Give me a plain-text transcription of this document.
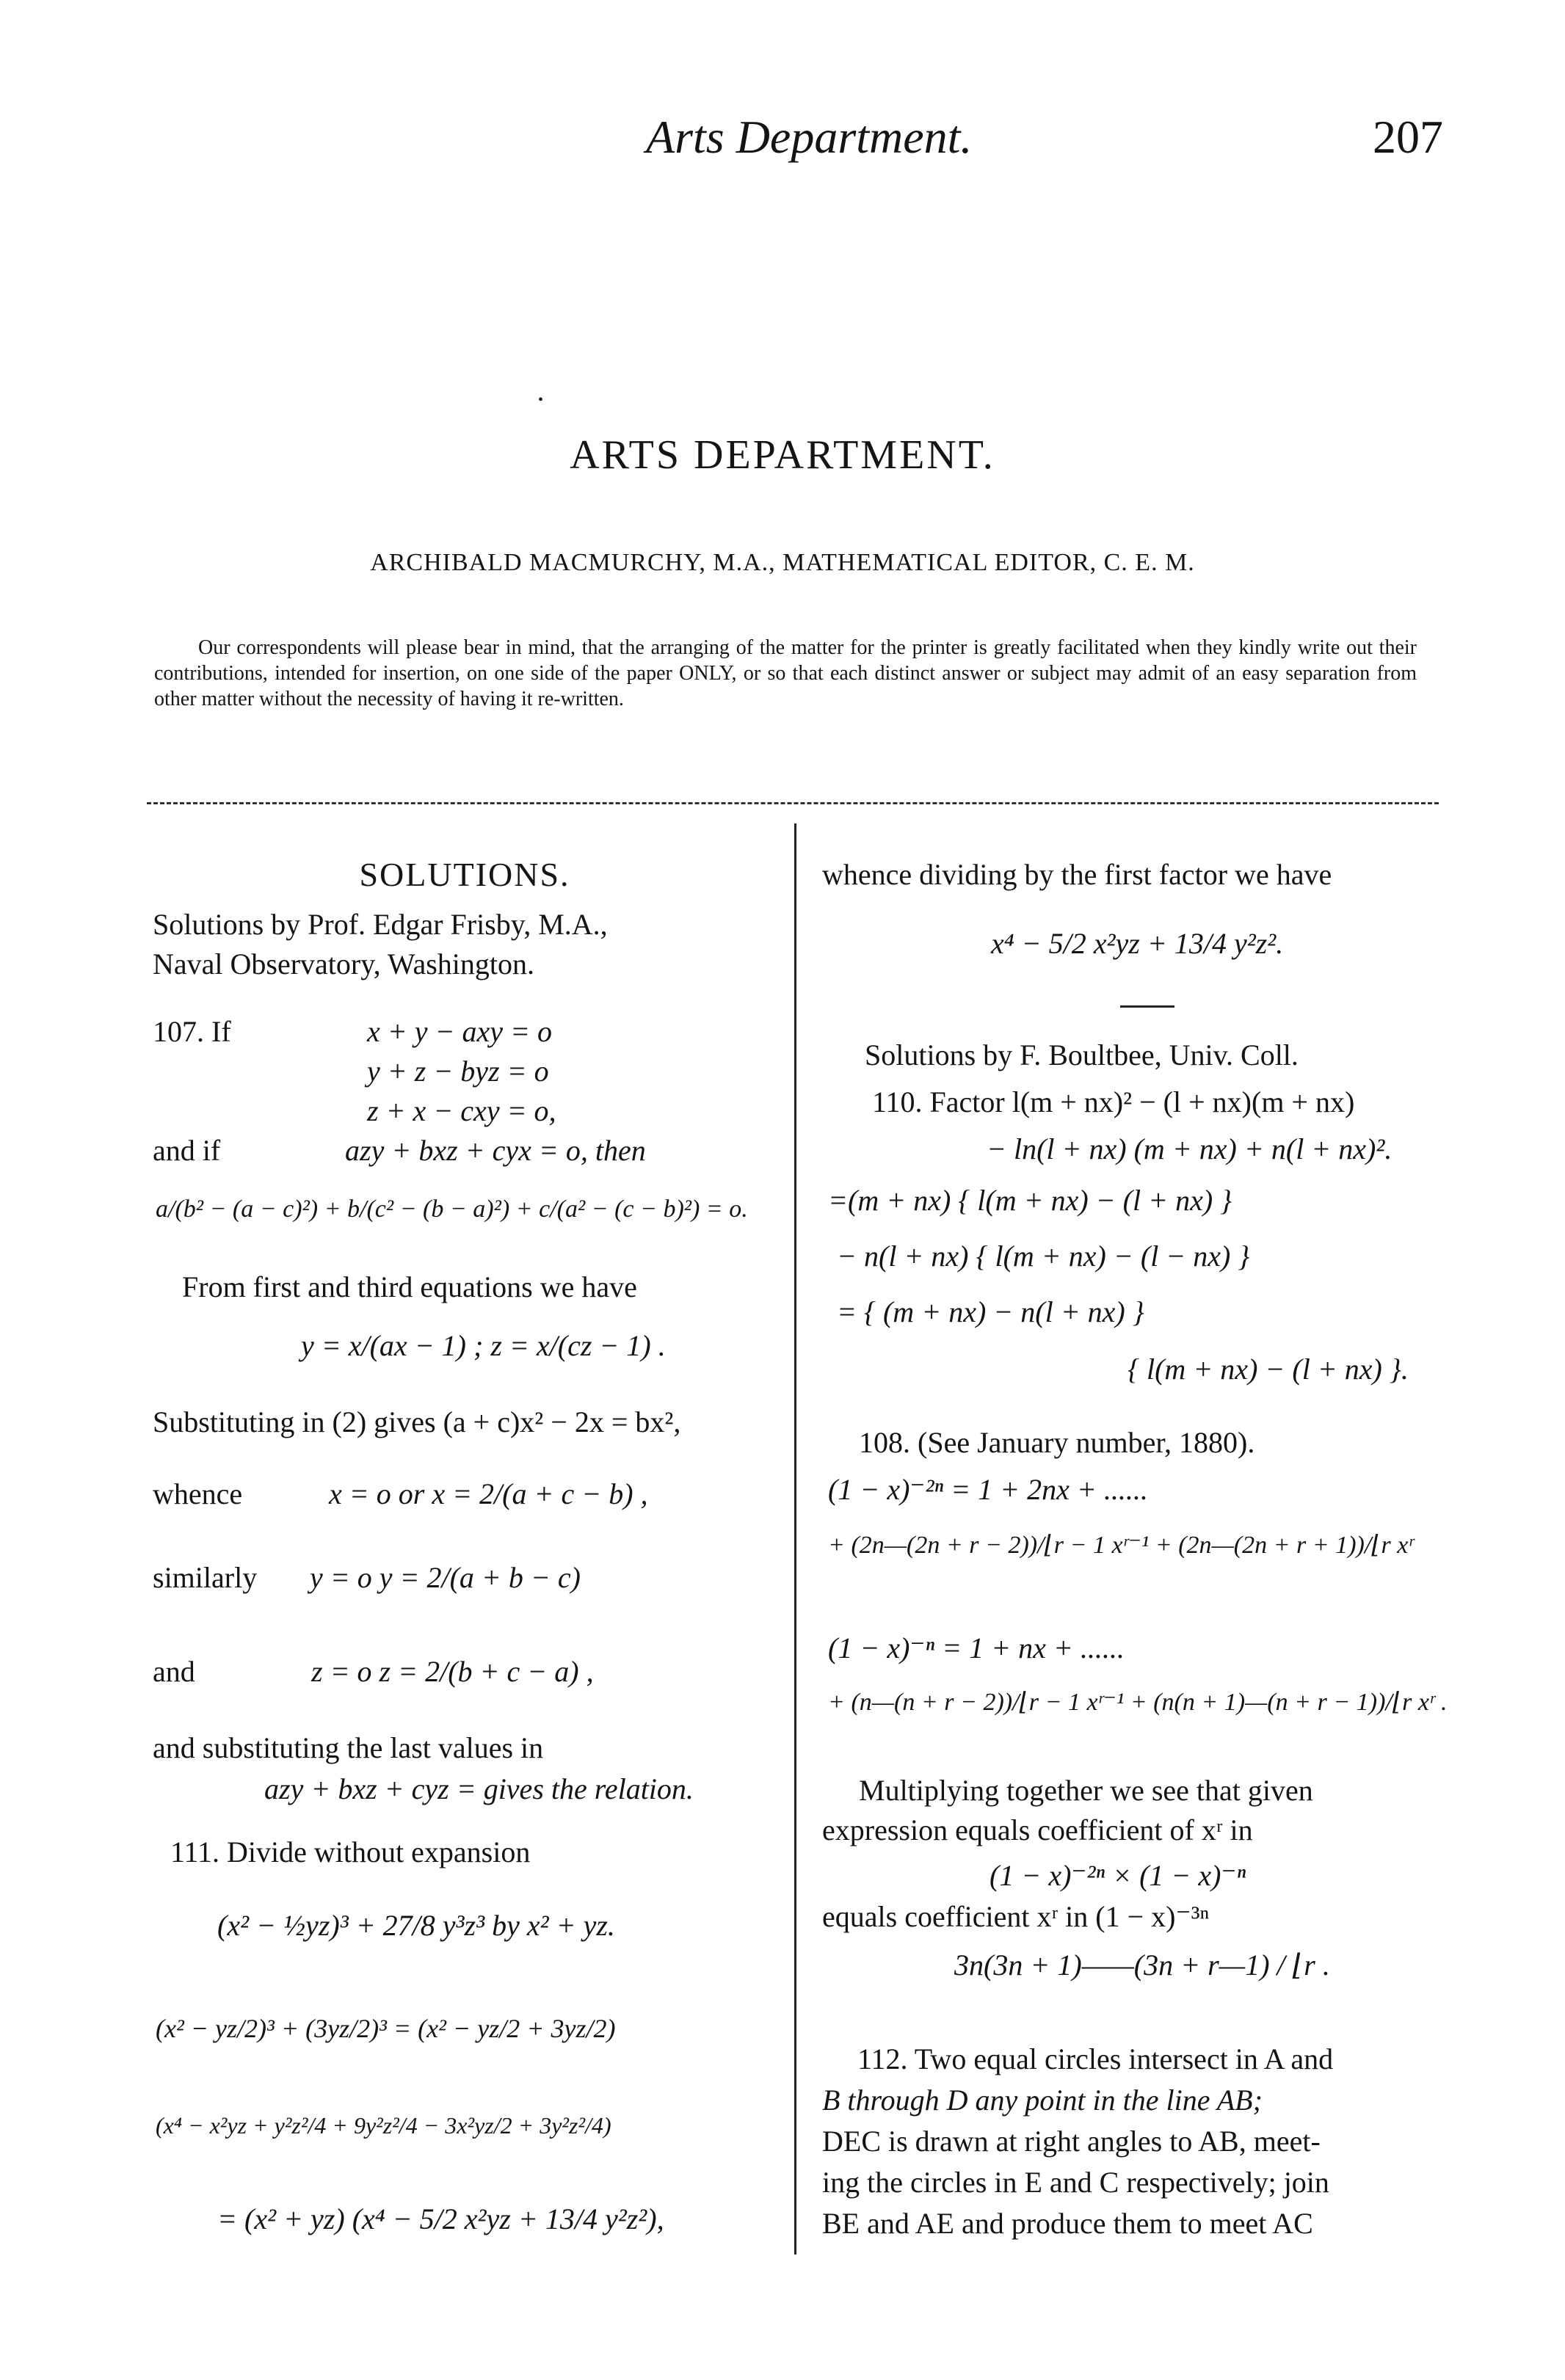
Arts Department.	207
•
ARTS DEPARTMENT.
ARCHIBALD MACMURCHY, M.A., MATHEMATICAL EDITOR, C. E. M.
Our correspondents will please bear in mind, that the arranging of the matter for the printer is greatly facilitated when they kindly write out their contributions, intended for insertion, on one side of the paper ONLY, or so that each distinct answer or subject may admit of an easy separation from other matter without the necessity of having it re-written.
SOLUTIONS.
Solutions by Prof. Edgar Frisby, M.A.,
Naval Observatory, Washington.
107. If	x + y − axy = o
y + z − byz = o
z + x − cxy = o,
and if	azy + bxz + cyx = o, then
a/(b² − (a − c)²) + b/(c² − (b − a)²) + c/(a² − (c − b)²) = o.
From first and third equations we have
y = x/(ax − 1) ; z = x/(cz − 1) .
Substituting in (2) gives (a + c)x² − 2x = bx²,
whence	x = o or x = 2/(a + c − b) ,
similarly y = o y = 2/(a + b − c)
and	z = o z = 2/(b + c − a) ,
and substituting the last values in
azy + bxz + cyz = gives the relation.
111. Divide without expansion
(x² − ½yz)³ + 27/8 y³z³ by x² + yz.
(x² − yz/2)³ + (3yz/2)³ = (x² − yz/2 + 3yz/2)
(x⁴ − x²yz + y²z²/4 + 9y²z²/4 − 3x²yz/2 + 3y²z²/4)
= (x² + yz) (x⁴ − 5/2 x²yz + 13/4 y²z²),
whence dividing by the first factor we have
x⁴ − 5/2 x²yz + 13/4 y²z².
Solutions by F. Boultbee, Univ. Coll.
110. Factor l(m + nx)² − (l + nx)(m + nx)
− ln(l + nx) (m + nx) + n(l + nx)².
=(m + nx) { l(m + nx) − (l + nx) }
− n(l + nx) { l(m + nx) − (l − nx) }
= { (m + nx) − n(l + nx) }
{ l(m + nx) − (l + nx) }.
108. (See January number, 1880).
(1 − x)⁻²ⁿ = 1 + 2nx + ......
+ (2n—(2n + r − 2))/⌊r − 1 xʳ⁻¹ + (2n—(2n + r + 1))/⌊r xʳ
(1 − x)⁻ⁿ = 1 + nx + ......
+ (n—(n + r − 2))/⌊r − 1 xʳ⁻¹ + (n(n + 1)—(n + r − 1))/⌊r xʳ .
Multiplying together we see that given
expression equals coefficient of xʳ in
(1 − x)⁻²ⁿ × (1 − x)⁻ⁿ
equals coefficient xʳ in (1 − x)⁻³ⁿ
3n(3n + 1)——(3n + r—1) / ⌊r .
112. Two equal circles intersect in A and
B through D any point in the line AB;
DEC is drawn at right angles to AB, meet-
ing the circles in E and C respectively; join
BE and AE and produce them to meet AC
